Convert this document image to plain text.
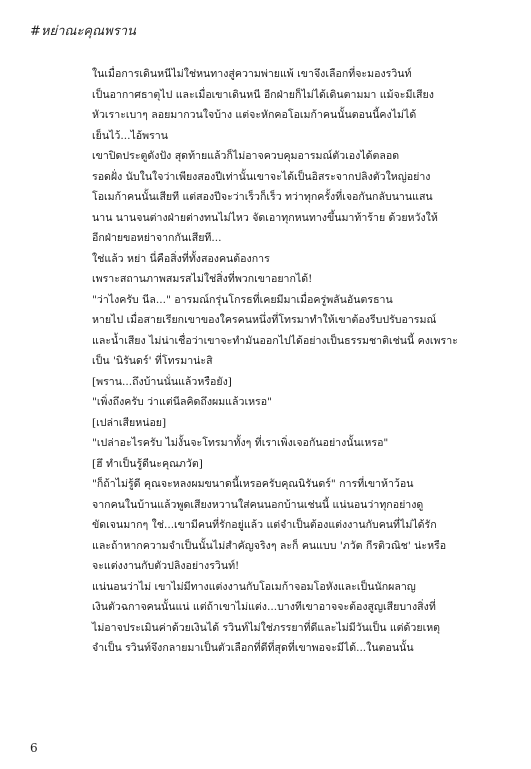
#หย่าณะคุณพราน

ในเมื่อการเดินหนีไม่ใช่หนทางสู่ความพ่ายแพ้ เขาจึงเลือกที่จะมองรวินท์
เป็นอากาศธาตุไป และเมื่อเขาเดินหนี อีกฝ่ายก็ไม่ได้เดินตามมา แม้จะมีเสียง
หัวเราะเบาๆ ลอยมากวนใจบ้าง แต่จะหักคอโอเมก้าคนนั้นตอนนี้คงไม่ได้

เย็นไว้...ไอ้พราน

เขาปิดประตูดังปัง สุดท้ายแล้วก็ไม่อาจควบคุมอารมณ์ตัวเองได้ตลอด
รอดฝั่ง นับในใจว่าเพียงสองปีเท่านั้นเขาจะได้เป็นอิสระจากปลิงตัวใหญ่อย่าง
โอเมก้าคนนั้นเสียที แต่สองปีจะว่าเร็วก็เร็ว ทว่าทุกครั้งที่เจอกันกลับนานแสน
นาน นานจนต่างฝ่ายต่างทนไม่ไหว จัดเอาทุกหนทางขึ้นมาท้าร้าย ด้วยหวังให้
อีกฝ่ายขอหย่าจากกันเสียที...

ใช่แล้ว หย่า นี่คือสิ่งที่ทั้งสองคนต้องการ

เพราะสถานภาพสมรสไม่ใช่สิ่งที่พวกเขาอยากได้!

"ว่าไงครับ นีล..." อารมณ์กรุ่นโกรธที่เคยมีมาเมื่อครู่พลันอันตรธาน
หายไป เมื่อสายเรียกเขาของใครคนหนึ่งที่โทรมาทำให้เขาต้องรีบปรับอารมณ์
และน้ำเสียง ไม่น่าเชื่อว่าเขาจะทำมันออกไปได้อย่างเป็นธรรมชาติเช่นนี้ คงเพราะ
เป็น 'นิรันดร์' ที่โทรมาน่ะสิ

[พราน...ถึงบ้านนั่นแล้วหรือยัง]

"เพิ่งถึงครับ ว่าแต่นีลคิดถึงผมแล้วเหรอ"

[เปล่าเสียหน่อย]

"เปล่าอะไรครับ ไม่งั้นจะโทรมาทั้งๆ ที่เราเพิ่งเจอกันอย่างนั้นเหรอ"

[ฮึ ทำเป็นรู้ดีนะคุณภวัต]

"ก็ถ้าไม่รู้ดี คุณจะหลงผมขนาดนี้เหรอครับคุณนิรันดร์" การที่เขาห้าว้อน
จากคนในบ้านแล้วพูดเสียงหวานใส่คนนอกบ้านเช่นนี้ แน่นอนว่าทุกอย่างดู
ขัดเจนมากๆ ใช่...เขามีคนที่รักอยู่แล้ว แต่จำเป็นต้องแต่งงานกับคนที่ไม่ได้รัก
และถ้าหากความจำเป็นนั้นไม่สำคัญจริงๆ ละก็ คนแบบ 'ภวัต กีรติวณิช' น่ะหรือ
จะแต่งงานกับตัวปลิงอย่างรวินท์!

แน่นอนว่าไม่ เขาไม่มีทางแต่งงานกับโอเมก้าจอมโอหังและเป็นนักผลาญ
เงินตัวฉกาจคนนั้นแน่ แต่ถ้าเขาไม่แต่ง...บางทีเขาอาจจะต้องสูญเสียบางสิ่งที่
ไม่อาจประเมินค่าด้วยเงินได้ รวินท์ไม่ใช่ภรรยาที่ดีและไม่มีวันเป็น แต่ด้วยเหตุ
จำเป็น รวินท์จึงกลายมาเป็นตัวเลือกที่ดีที่สุดที่เขาพอจะมีได้...ในตอนนั้น

6
